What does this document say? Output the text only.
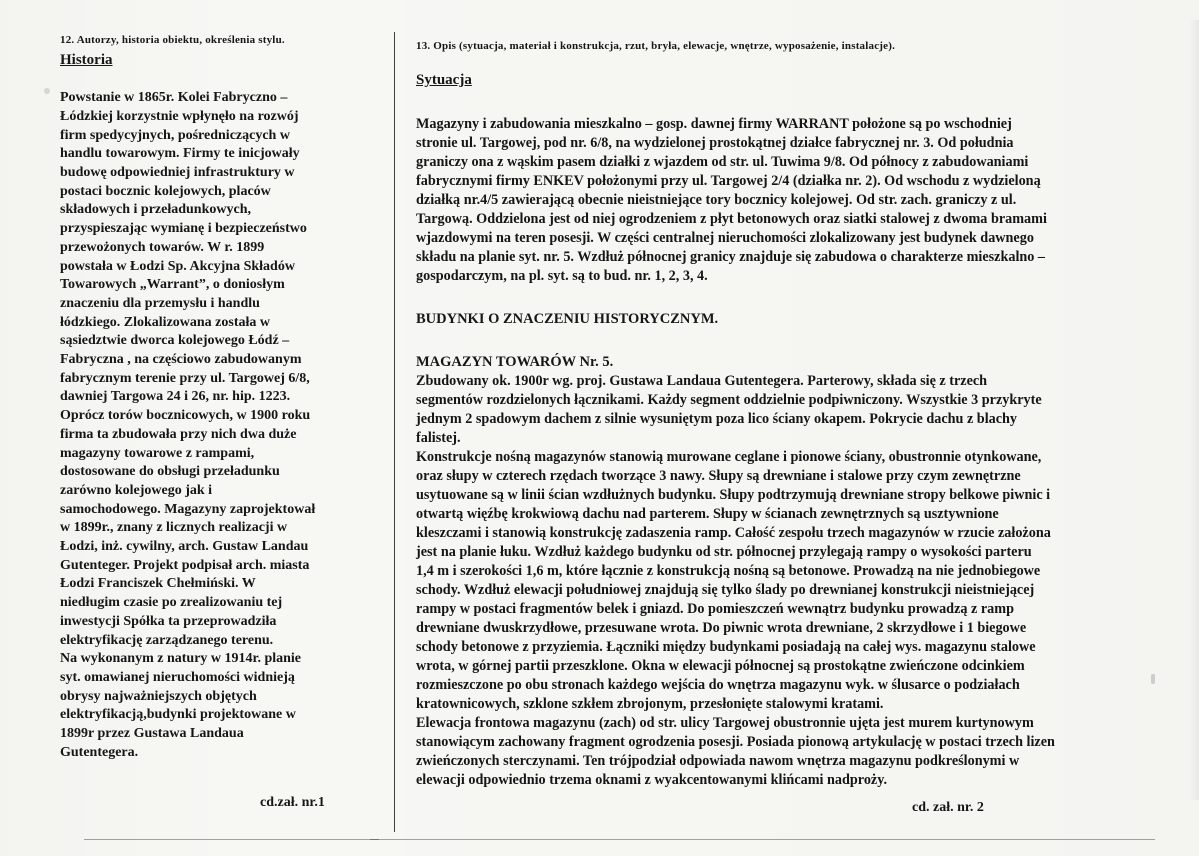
12. Autorzy, historia obiektu, określenia stylu.

Historia

Powstanie w 1865r. Kolei Fabryczno –
Łódzkiej korzystnie wpłynęło na rozwój
firm spedycyjnych, pośredniczących w
handlu towarowym. Firmy te inicjowały
budowę odpowiedniej infrastruktury w
postaci bocznic kolejowych, placów
składowych i przeładunkowych,
przyspieszając wymianę i bezpieczeństwo
przewożonych towarów. W r. 1899
powstała w Łodzi Sp. Akcyjna Składów
Towarowych „Warrant”, o doniosłym
znaczeniu dla przemysłu i handlu
łódzkiego. Zlokalizowana została w
sąsiedztwie dworca kolejowego Łódź –
Fabryczna , na częściowo zabudowanym
fabrycznym terenie przy ul. Targowej 6/8,
dawniej Targowa 24 i 26, nr. hip. 1223.
Oprócz torów bocznicowych, w 1900 roku
firma ta zbudowała przy nich dwa duże
magazyny towarowe z rampami,
dostosowane do obsługi przeładunku
zarówno kolejowego jak i
samochodowego. Magazyny zaprojektował
w 1899r., znany z licznych realizacji w
Łodzi, inż. cywilny, arch. Gustaw Landau
Gutenteger. Projekt podpisał arch. miasta
Łodzi Franciszek Chełmiński. W
niedługim czasie po zrealizowaniu tej
inwestycji Spółka ta przeprowadziła
elektryfikację zarządzanego terenu.
Na wykonanym z natury w 1914r. planie
syt. omawianej nieruchomości widnieją
obrysy najważniejszych objętych
elektryfikacją,budynki projektowane w
1899r przez Gustawa Landaua
Gutentegera.

13. Opis (sytuacja, materiał i konstrukcja, rzut, bryła, elewacje, wnętrze, wyposażenie, instalacje).

Sytuacja

Magazyny i zabudowania mieszkalno – gosp. dawnej firmy WARRANT położone są po wschodniej
stronie ul. Targowej, pod nr. 6/8, na wydzielonej prostokątnej działce fabrycznej nr. 3. Od południa
graniczy ona z wąskim pasem działki z wjazdem od str. ul. Tuwima 9/8. Od północy z zabudowaniami
fabrycznymi firmy ENKEV położonymi przy ul. Targowej 2/4 (działka nr. 2). Od wschodu z wydzieloną
działką nr.4/5 zawierającą obecnie nieistniejące tory bocznicy kolejowej. Od str. zach. graniczy z ul.
Targową. Oddzielona jest od niej ogrodzeniem z płyt betonowych oraz siatki stalowej z dwoma bramami
wjazdowymi na teren posesji. W części centralnej nieruchomości zlokalizowany jest budynek dawnego
składu na planie syt. nr. 5. Wzdłuż północnej granicy znajduje się zabudowa o charakterze mieszkalno –
gospodarczym, na pl. syt. są to bud. nr. 1, 2, 3, 4.

BUDYNKI O ZNACZENIU HISTORYCZNYM.

MAGAZYN TOWARÓW Nr. 5.

Zbudowany ok. 1900r wg. proj. Gustawa Landaua Gutentegera. Parterowy, składa się z trzech
segmentów rozdzielonych łącznikami. Każdy segment oddzielnie podpiwniczony. Wszystkie 3 przykryte
jednym 2 spadowym dachem z silnie wysuniętym poza lico ściany okapem. Pokrycie dachu z blachy
falistej.
Konstrukcje nośną magazynów stanowią murowane ceglane i pionowe ściany, obustronnie otynkowane,
oraz słupy w czterech rzędach tworzące 3 nawy. Słupy są drewniane i stalowe przy czym zewnętrzne
usytuowane są w linii ścian wzdłużnych budynku. Słupy podtrzymują drewniane stropy belkowe piwnic i
otwartą więźbę krokwiową dachu nad parterem. Słupy w ścianach zewnętrznych są usztywnione
kleszczami i stanowią konstrukcję zadaszenia ramp. Całość zespołu trzech magazynów w rzucie założona
jest na planie łuku. Wzdłuż każdego budynku od str. północnej przylegają rampy o wysokości parteru
1,4 m i szerokości 1,6 m, które łącznie z konstrukcją nośną są betonowe. Prowadzą na nie jednobiegowe
schody. Wzdłuż elewacji południowej znajdują się tylko ślady po drewnianej konstrukcji nieistniejącej
rampy w postaci fragmentów belek i gniazd. Do pomieszczeń wewnątrz budynku prowadzą z ramp
drewniane dwuskrzydłowe, przesuwane wrota. Do piwnic wrota drewniane, 2 skrzydłowe i 1 biegowe
schody betonowe z przyziemia. Łączniki między budynkami posiadają na całej wys. magazynu stalowe
wrota, w górnej partii przeszklone. Okna w elewacji północnej są prostokątne zwieńczone odcinkiem
rozmieszczone po obu stronach każdego wejścia do wnętrza magazynu wyk. w ślusarce o podziałach
kratownicowych, szklone szkłem zbrojonym, przesłonięte stalowymi kratami.
Elewacja frontowa magazynu (zach) od str. ulicy Targowej obustronnie ujęta jest murem kurtynowym
stanowiącym zachowany fragment ogrodzenia posesji. Posiada pionową artykulację w postaci trzech lizen
zwieńczonych sterczynami. Ten trójpodział odpowiada nawom wnętrza magazynu podkreślonymi w
elewacji odpowiednio trzema oknami z wyakcentowanymi klińcami nadproży.

cd.zał. nr.1	cd. zał. nr. 2
